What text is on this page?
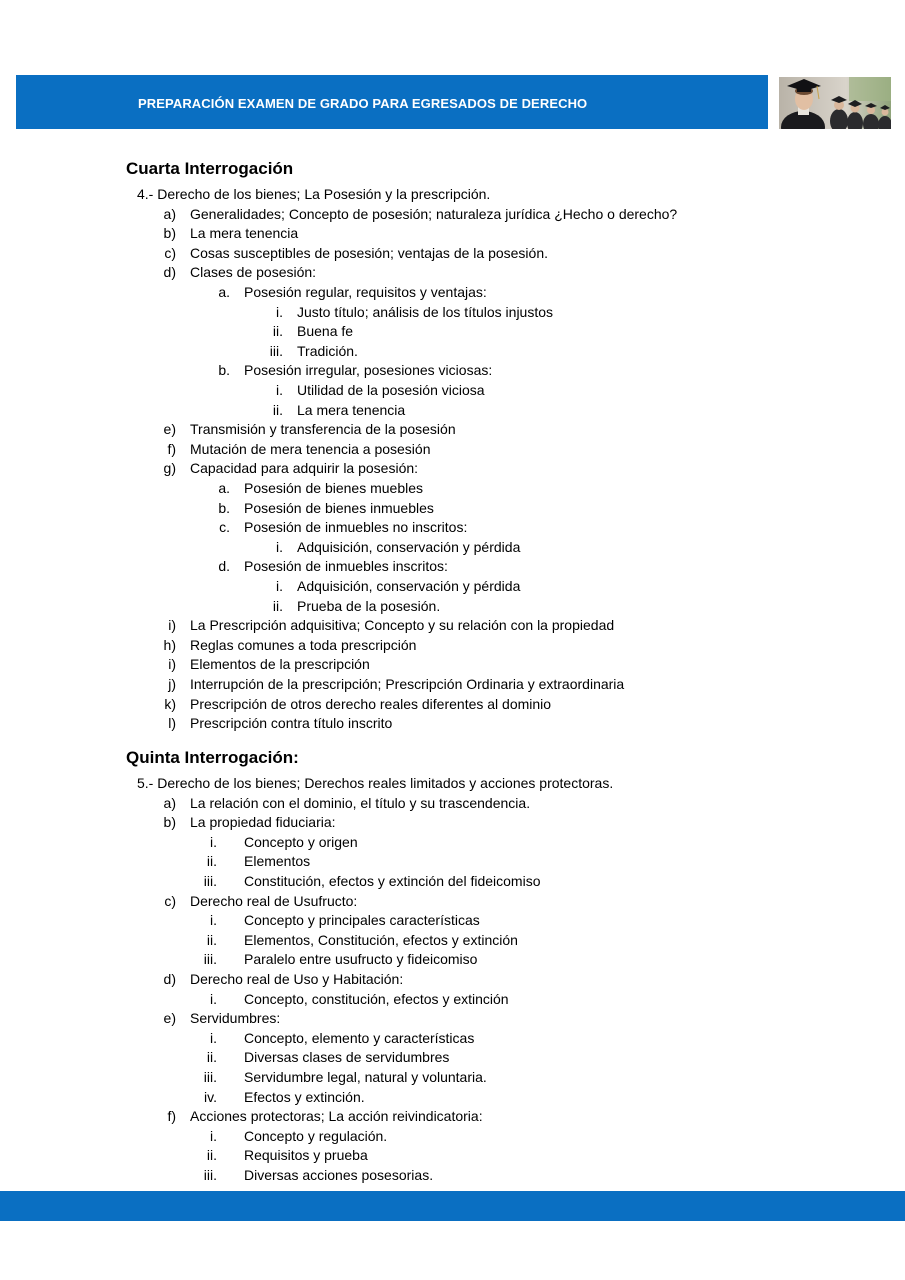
PREPARACIÓN EXAMEN DE GRADO PARA EGRESADOS DE DERECHO
Cuarta Interrogación
4.- Derecho de los bienes; La Posesión y la prescripción.
a) Generalidades; Concepto de posesión; naturaleza jurídica ¿Hecho o derecho?
b) La mera tenencia
c) Cosas susceptibles de posesión; ventajas de la posesión.
d) Clases de posesión:
a. Posesión regular, requisitos y ventajas:
i. Justo título; análisis de los títulos injustos
ii. Buena fe
iii. Tradición.
b. Posesión irregular, posesiones viciosas:
i. Utilidad de la posesión viciosa
ii. La mera tenencia
e) Transmisión y transferencia de la posesión
f) Mutación de mera tenencia a posesión
g) Capacidad para adquirir la posesión:
a. Posesión de bienes muebles
b. Posesión de bienes inmuebles
c. Posesión de inmuebles no inscritos:
i. Adquisición, conservación y pérdida
d. Posesión de inmuebles inscritos:
i. Adquisición, conservación y pérdida
ii. Prueba de la posesión.
i) La Prescripción adquisitiva; Concepto y su relación con la propiedad
h) Reglas comunes a toda prescripción
i) Elementos de la prescripción
j) Interrupción de la prescripción; Prescripción Ordinaria y extraordinaria
k) Prescripción de otros derecho reales diferentes al dominio
l) Prescripción contra título inscrito
Quinta Interrogación:
5.- Derecho de los bienes; Derechos reales limitados y acciones protectoras.
a) La relación con el dominio, el título y su trascendencia.
b) La propiedad fiduciaria:
i. Concepto y origen
ii. Elementos
iii. Constitución, efectos y extinción del fideicomiso
c) Derecho real de Usufructo:
i. Concepto y principales características
ii. Elementos, Constitución, efectos y extinción
iii. Paralelo entre usufructo y fideicomiso
d) Derecho real de Uso y Habitación:
i. Concepto, constitución, efectos y extinción
e) Servidumbres:
i. Concepto, elemento y características
ii. Diversas clases de servidumbres
iii. Servidumbre legal, natural y voluntaria.
iv. Efectos y extinción.
f) Acciones protectoras; La acción reivindicatoria:
i. Concepto y regulación.
ii. Requisitos y prueba
iii. Diversas acciones posesorias.
